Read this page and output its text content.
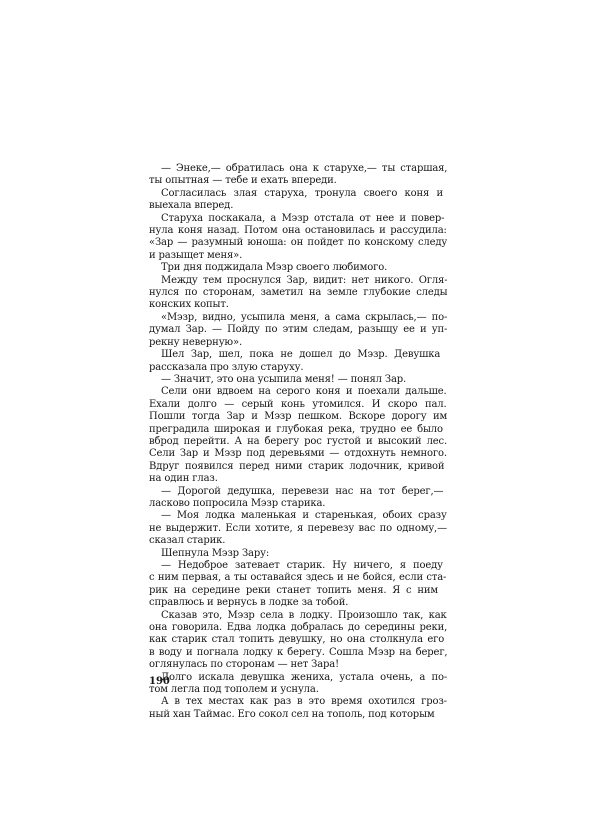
— Энеке,— обратилась она к старухе,— ты старшая,
ты опытная — тебе и ехать впереди.

Согласилась злая старуха, тронула своего коня и
выехала вперед.

Старуха поскакала, а Мэзр отстала от нее и повер-
нула коня назад. Потом она остановилась и рассудила:
«Зар — разумный юноша: он пойдет по конскому следу
и разыщет меня».

Три дня поджидала Мэзр своего любимого.

Между тем проснулся Зар, видит: нет никого. Огля-
нулся по сторонам, заметил на земле глубокие следы
конских копыт.

«Мэзр, видно, усыпила меня, а сама скрылась,— по-
думал Зар. — Пойду по этим следам, разыщу ее и уп-
рекну неверную».

Шел Зар, шел, пока не дошел до Мэзр. Девушка
рассказала про злую старуху.

— Значит, это она усыпила меня! — понял Зар.

Сели они вдвоем на серого коня и поехали дальше.
Ехали долго — серый конь утомился. И скоро пал.
Пошли тогда Зар и Мэзр пешком. Вскоре дорогу им
преградила широкая и глубокая река, трудно ее было
вброд перейти. А на берегу рос густой и высокий лес.
Сели Зар и Мэзр под деревьями — отдохнуть немного.
Вдруг появился перед ними старик лодочник, кривой
на один глаз.

— Дорогой дедушка, перевези нас на тот берег,—
ласково попросила Мэзр старика.

— Моя лодка маленькая и старенькая, обоих сразу
не выдержит. Если хотите, я перевезу вас по одному,—
сказал старик.

Шепнула Мэзр Зару:

— Недоброе затевает старик. Ну ничего, я поеду
с ним первая, а ты оставайся здесь и не бойся, если ста-
рик на середине реки станет топить меня. Я с ним
справлюсь и вернусь в лодке за тобой.

Сказав это, Мэзр села в лодку. Произошло так, как
она говорила. Едва лодка добралась до середины реки,
как старик стал топить девушку, но она столкнула его
в воду и погнала лодку к берегу. Сошла Мэзр на берег,
оглянулась по сторонам — нет Зара!

Долго искала девушка жениха, устала очень, а по-
том легла под тополем и уснула.

А в тех местах как раз в это время охотился гроз-
ный хан Таймас. Его сокол сел на тополь, под которым

190
